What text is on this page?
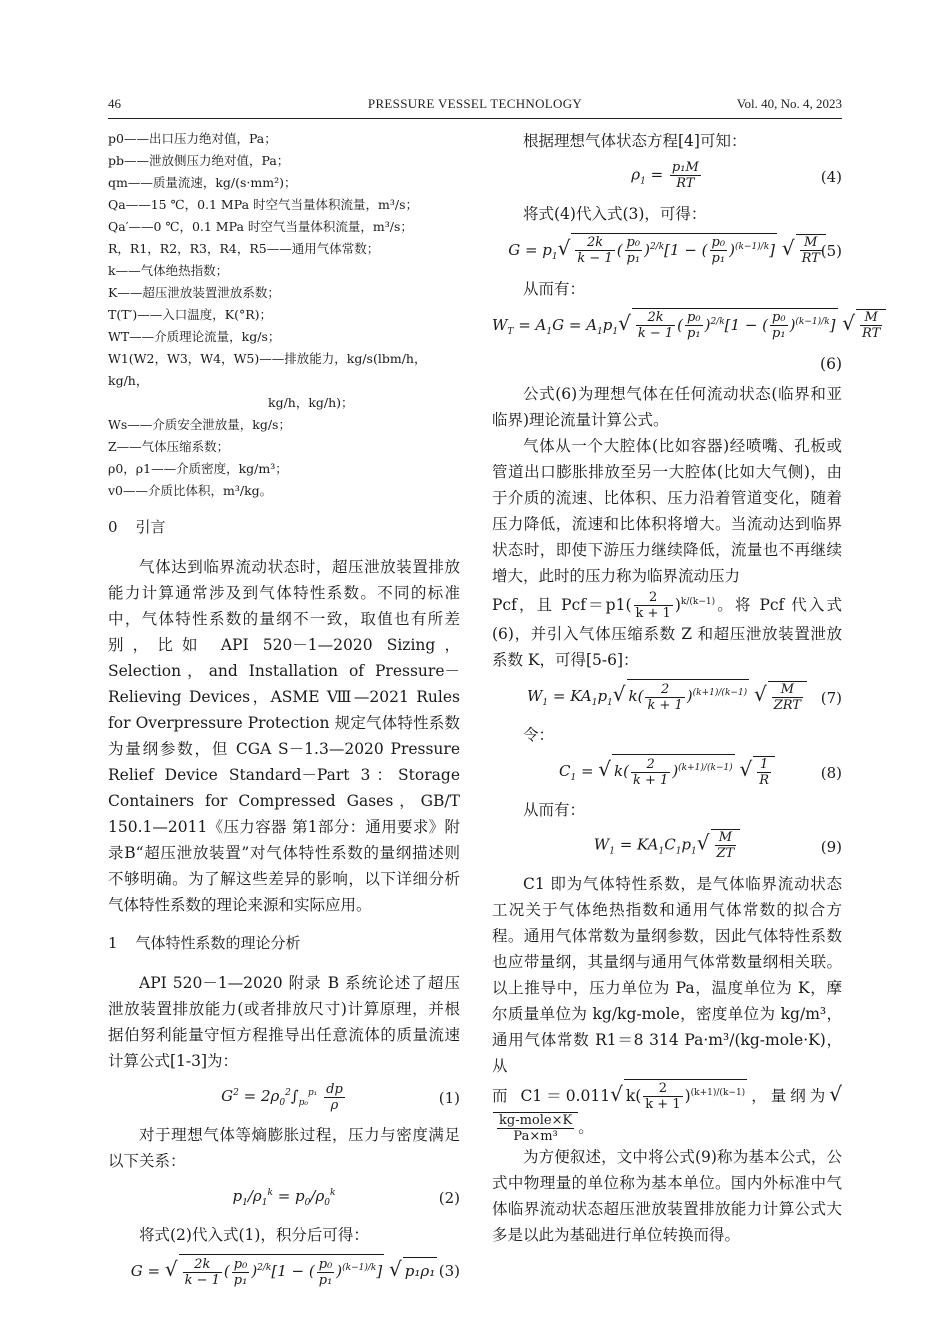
46	PRESSURE VESSEL TECHNOLOGY	Vol. 40, No. 4, 2023

p0——出口压力绝对值，Pa；

pb——泄放侧压力绝对值，Pa；

qm——质量流速，kg/(s·mm²)；

Qa——15 ℃，0.1 MPa 时空气当量体积流量，m³/s；

Qa′——0 ℃，0.1 MPa 时空气当量体积流量，m³/s；

R，R1，R2，R3，R4，R5——通用气体常数；

k——气体绝热指数；

K——超压泄放装置泄放系数；

T(T′)——入口温度，K(°R)；

WT——介质理论流量，kg/s；

W1(W2，W3，W4，W5)——排放能力，kg/s(lbm/h，kg/h，
kg/h，kg/h)；

Ws——介质安全泄放量，kg/s；

Z——气体压缩系数；

ρ0，ρ1——介质密度，kg/m³；

v0——介质比体积，m³/kg。

0 引言

气体达到临界流动状态时，超压泄放装置排放能力计算通常涉及到气体特性系数。不同的标准中，气体特性系数的量纲不一致，取值也有所差别，比如 API 520－1—2020 Sizing，Selection，and Installation of Pressure－Relieving Devices，ASME Ⅷ—2021 Rules for Overpressure Protection 规定气体特性系数为量纲参数，但 CGA S－1.3—2020 Pressure Relief Device Standard－Part 3：Storage Containers for Compressed Gases，GB/T 150.1—2011《压力容器 第1部分：通用要求》附录B“超压泄放装置”对气体特性系数的量纲描述则不够明确。为了解这些差异的影响，以下详细分析气体特性系数的理论来源和实际应用。

1 气体特性系数的理论分析

API 520－1—2020 附录 B 系统论述了超压泄放装置排放能力(或者排放尺寸)计算原理，并根据伯努利能量守恒方程推导出任意流体的质量流速计算公式[1-3]为：

$G^2 = 2\rho_0^2\int_{p_0}^{p_1} \frac{dp}{\rho}$	(1)

对于理想气体等熵膨胀过程，压力与密度满足以下关系：

$p_1/\rho_1^k = p_0/\rho_0^k$	(2)

将式(2)代入式(1)，积分后可得：

G = √ $\frac{2k}{k - 1}$ ( $\frac{\text{p₀}}{\text{p₁}} )^{2/k}[1$ − ( $\frac{\text{p₀}}{\text{p₁}} )^{(k-1)/k}$] √ p₁ρ₁ (3)

根据理想气体状态方程[4]可知：

$\rho_1 = \frac{\text{p₁M}}{RT}$	(4)

将式(4)代入式(3)，可得：

$G = p_1√ \frac{2k}{k - 1}$ ( $\frac{\text{p₀}}{\text{p₁}} )^{2/k}[1$ − ( $\frac{\text{p₀}}{\text{p₁}} )^{(k-1)/k}$] √ $\frac{M}{RT}$
(5)

从而有：

$W_T = A_1G = A_1p_1√ \frac{2k}{k - 1}$ ( $\frac{\text{p₀}}{\text{p₁}} )^{2/k}[1$ − ( $\frac{\text{p₀}}{\text{p₁}} )^{(k-1)/k}$] √ $\frac{M}{RT}$

(6)

公式(6)为理想气体在任何流动状态(临界和亚临界)理论流量计算公式。

气体从一个大腔体(比如容器)经喷嘴、孔板或管道出口膨胀排放至另一大腔体(比如大气侧)，由于介质的流速、比体积、压力沿着管道变化，随着压力降低，流速和比体积将增大。当流动达到临界状态时，即使下游压力继续降低，流量也不再继续增大，此时的压力称为临界流动压力

Pcf，且 $Pcf=p1( \frac{2}{k + 1} )^{k/(k-1)}$。将 Pcf 代入式(6)，并引入气体压缩系数 Z 和超压泄放装置泄放系数 K，可得[5-6]：

$W_1 = KA_1p_1√$ $k( \frac{2}{k + 1} )^{(k+1)/(k-1)}$ √ $\frac{M}{\text{ZRT}} (7)$

令：

$C_1$ = √ $k( \frac{2}{k + 1} )^{(k+1)/(k-1)}$ √ $\frac{1}{R}$	(8)

从而有：

$W_1 = KA_1C_1p_1√ \frac{M}{ZT}$	(9)

C1 即为气体特性系数，是气体临界流动状态工况关于气体绝热指数和通用气体常数的拟合方程。通用气体常数为量纲参数，因此气体特性系数也应带量纲，其量纲与通用气体常数量纲相关联。以上推导中，压力单位为 Pa，温度单位为 K，摩尔质量单位为 kg/kg-mole，密度单位为 kg/m³，通用气体常数 R1＝8 314 Pa·m³/(kg-mole·K)，从

而 C1＝0.011√ $k( \frac{2}{k + 1} )^{(k+1)/(k-1)}$ ，量纲为√
$\frac{\text{kg-mole×K}}{\text{Pa×m³}}$ 。

为方便叙述，文中将公式(9)称为基本公式，公式中物理量的单位称为基本单位。国内外标准中气体临界流动状态超压泄放装置排放能力计算公式大多是以此为基础进行单位转换而得。
